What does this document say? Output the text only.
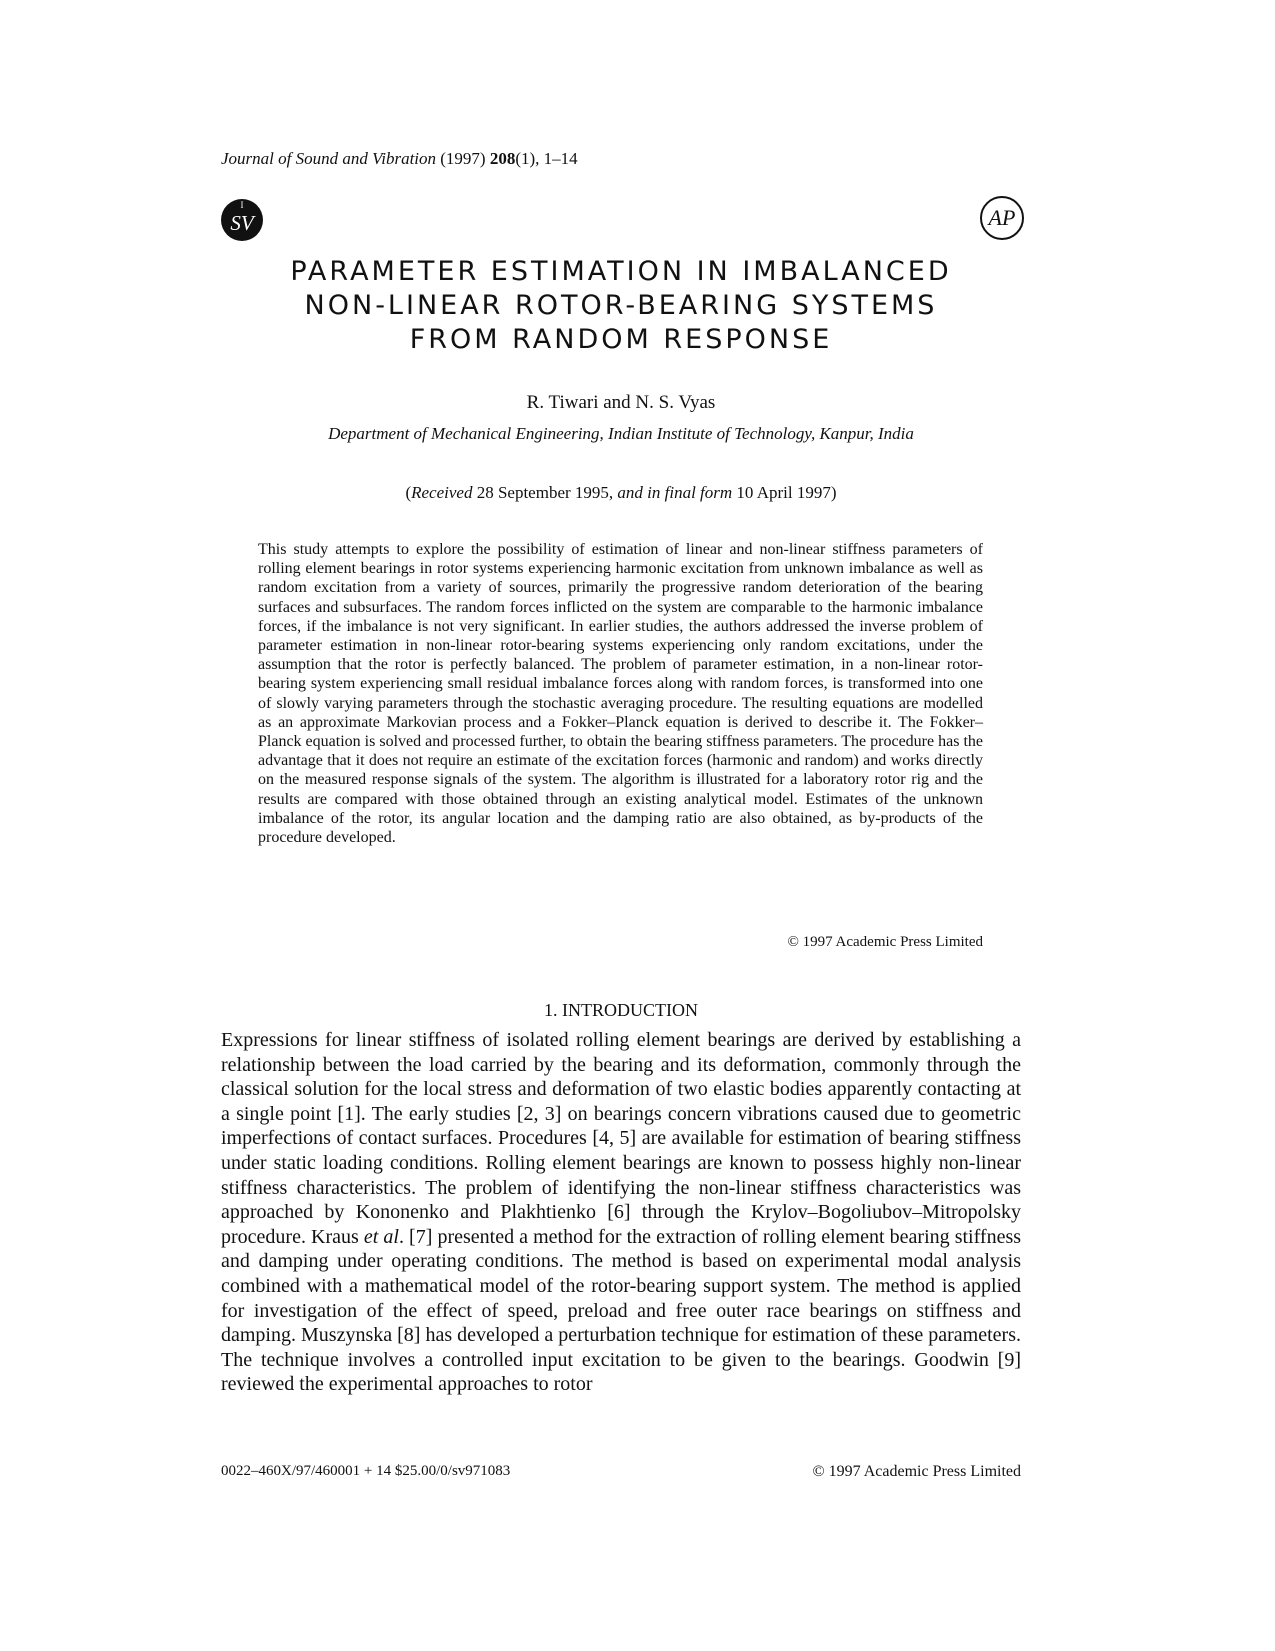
Journal of Sound and Vibration (1997) 208(1), 1–14
I
SV	AP
PARAMETER ESTIMATION IN IMBALANCED
NON-LINEAR ROTOR-BEARING SYSTEMS
FROM RANDOM RESPONSE
R. Tiwari and N. S. Vyas
Department of Mechanical Engineering, Indian Institute of Technology, Kanpur, India
(Received 28 September 1995, and in final form 10 April 1997)

This study attempts to explore the possibility of estimation of linear and non-linear stiffness parameters of rolling element bearings in rotor systems experiencing harmonic excitation from unknown imbalance as well as random excitation from a variety of sources, primarily the progressive random deterioration of the bearing surfaces and subsurfaces. The random forces inflicted on the system are comparable to the harmonic imbalance forces, if the imbalance is not very significant. In earlier studies, the authors addressed the inverse problem of parameter estimation in non-linear rotor-bearing systems experiencing only random excitations, under the assumption that the rotor is perfectly balanced. The problem of parameter estimation, in a non-linear rotor-bearing system experiencing small residual imbalance forces along with random forces, is transformed into one of slowly varying parameters through the stochastic averaging procedure. The resulting equations are modelled as an approximate Markovian process and a Fokker–Planck equation is derived to describe it. The Fokker–Planck equation is solved and processed further, to obtain the bearing stiffness parameters. The procedure has the advantage that it does not require an estimate of the excitation forces (harmonic and random) and works directly on the measured response signals of the system. The algorithm is illustrated for a laboratory rotor rig and the results are compared with those obtained through an existing analytical model. Estimates of the unknown imbalance of the rotor, its angular location and the damping ratio are also obtained, as by-products of the procedure developed.

© 1997 Academic Press Limited
1. INTRODUCTION

Expressions for linear stiffness of isolated rolling element bearings are derived by establishing a relationship between the load carried by the bearing and its deformation, commonly through the classical solution for the local stress and deformation of two elastic bodies apparently contacting at a single point [1]. The early studies [2, 3] on bearings concern vibrations caused due to geometric imperfections of contact surfaces. Procedures [4, 5] are available for estimation of bearing stiffness under static loading conditions. Rolling element bearings are known to possess highly non-linear stiffness characteristics. The problem of identifying the non-linear stiffness characteristics was approached by Kononenko and Plakhtienko [6] through the Krylov–Bogoliubov–Mitropolsky procedure. Kraus et al. [7] presented a method for the extraction of rolling element bearing stiffness and damping under operating conditions. The method is based on experimental modal analysis combined with a mathematical model of the rotor-bearing support system. The method is applied for investigation of the effect of speed, preload and free outer race bearings on stiffness and damping. Muszynska [8] has developed a perturbation technique for estimation of these parameters. The technique involves a controlled input excitation to be given to the bearings. Goodwin [9] reviewed the experimental approaches to rotor

0022–460X/97/460001 + 14 $25.00/0/sv971083	© 1997 Academic Press Limited
